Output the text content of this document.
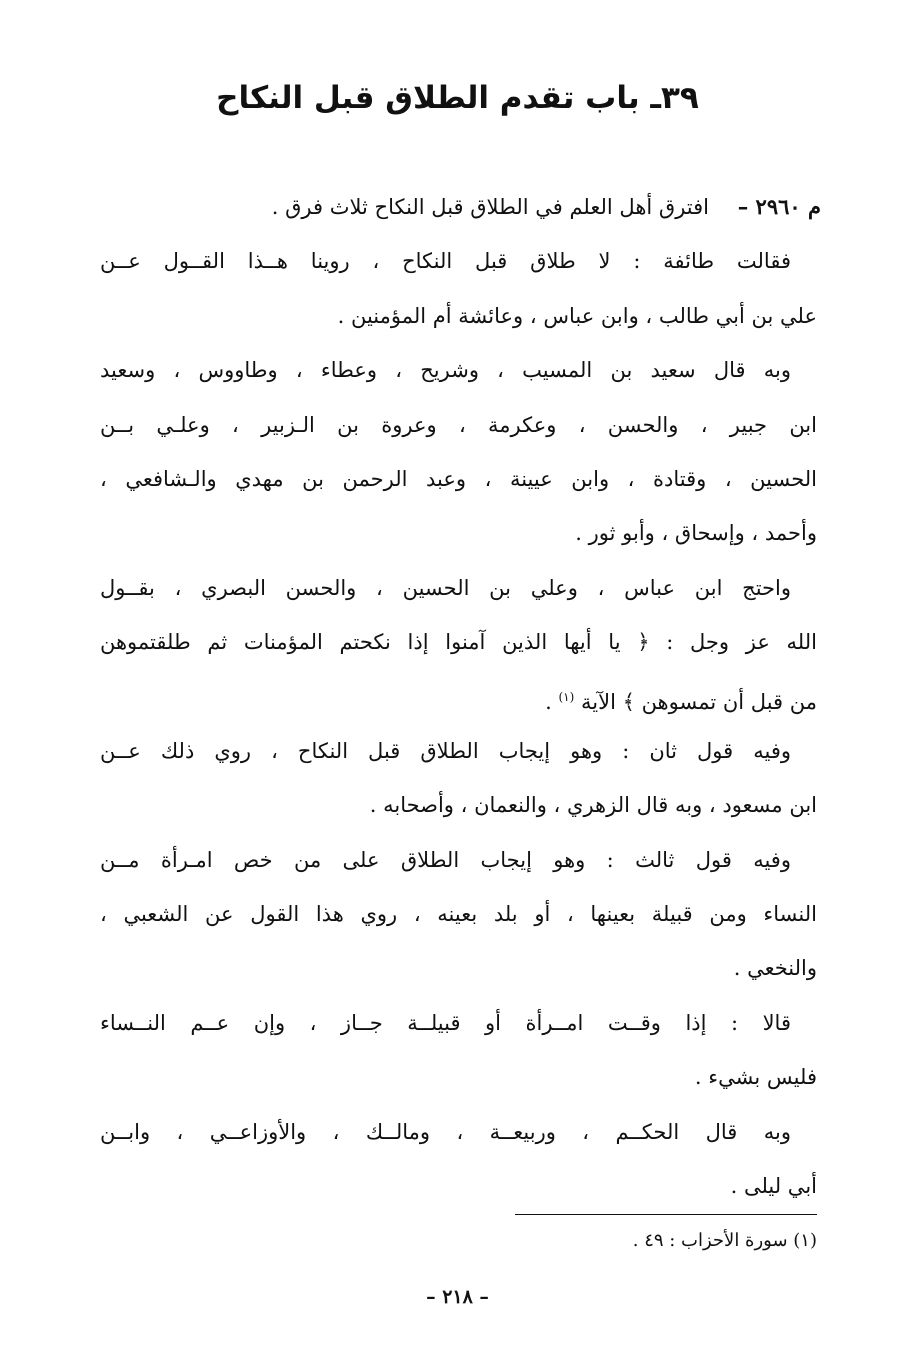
٣٩ـ باب تقدم الطلاق قبل النكاح
م ٢٩٦٠ –
افترق أهل العلم في الطلاق قبل النكاح ثلاث فرق .
فقالت طائفة : لا طلاق قبل النكاح ، روينا هــذا القــول عــن
علي بن أبي طالب ، وابن عباس ، وعائشة أم المؤمنين .
وبه قال سعيد بن المسيب ، وشريح ، وعطاء ، وطاووس ، وسعيد
ابن جبير ، والحسن ، وعكرمة ، وعروة بن الـزبير ، وعلـي بــن
الحسين ، وقتادة ، وابن عيينة ، وعبد الرحمن بن مهدي والـشافعي ،
وأحمد ، وإسحاق ، وأبو ثور .
واحتج ابن عباس ، وعلي بن الحسين ، والحسن البصري ، بقــول
الله عز وجل : ﴿ يا أيها الذين آمنوا إذا نكحتم المؤمنات ثم طلقتموهن
من قبل أن تمسوهن ﴾ الآية $^{(١)}$ .
وفيه قول ثان : وهو إيجاب الطلاق قبل النكاح ، روي ذلك عــن
ابن مسعود ، وبه قال الزهري ، والنعمان ، وأصحابه .
وفيه قول ثالث : وهو إيجاب الطلاق على من خص امـرأة مــن
النساء ومن قبيلة بعينها ، أو بلد بعينه ، روي هذا القول عن الشعبي ،
والنخعي .
قالا : إذا وقــت امــرأة أو قبيلــة جــاز ، وإن عــم النــساء
فليس بشيء .
وبه قال الحكــم ، وربيعــة ، ومالــك ، والأوزاعــي ، وابــن
أبي ليلى .
(١) سورة الأحزاب : ٤٩ .
– ٢١٨ –
